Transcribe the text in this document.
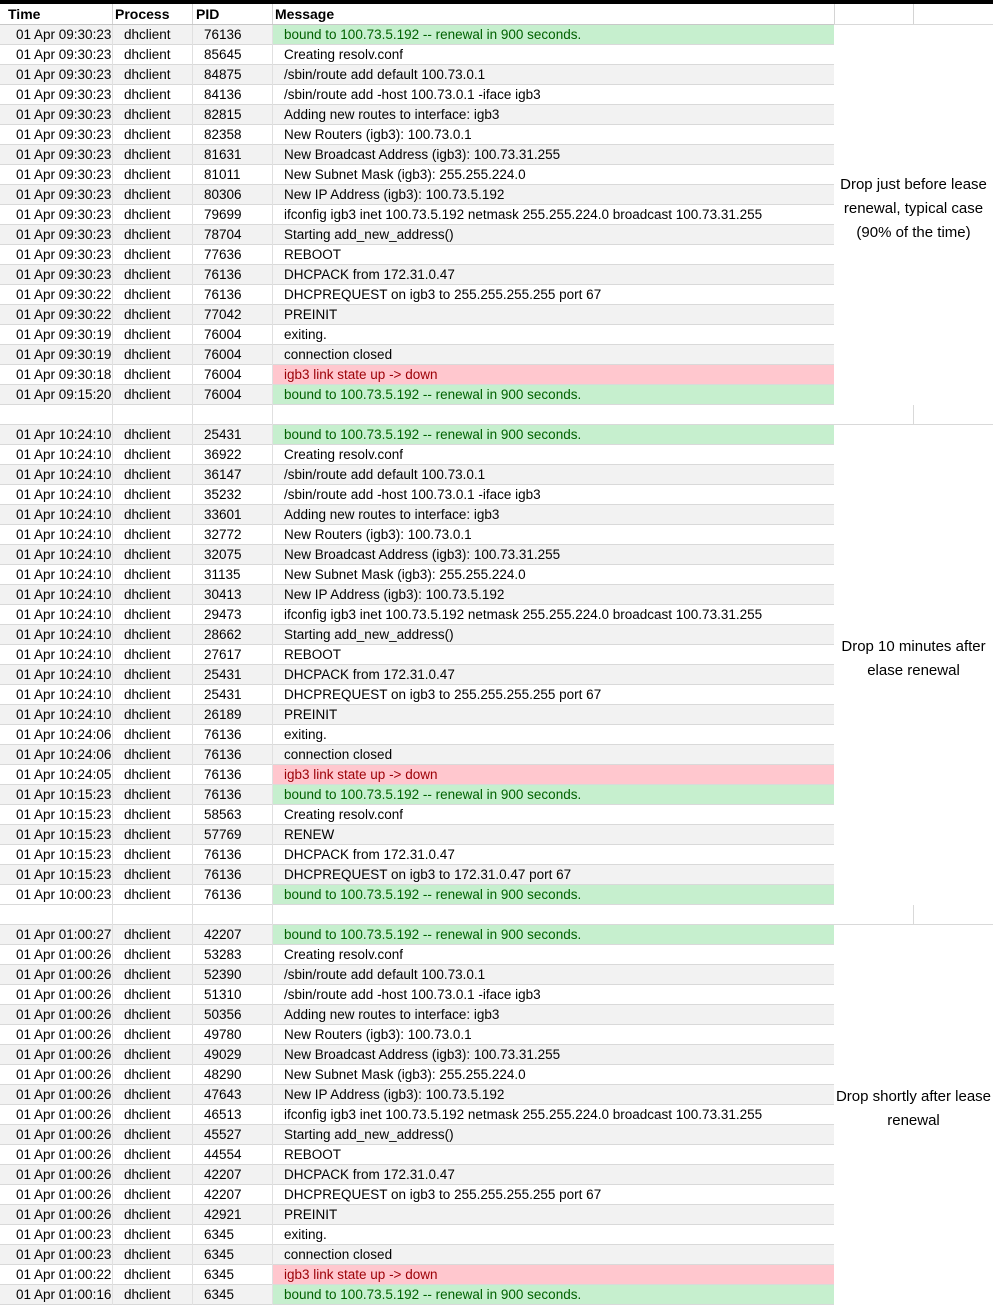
Time	Process PID	Message
01 Apr 09:30:23 dhclient	76136	bound to 100.73.5.192 -- renewal in 900 seconds.
01 Apr 09:30:23 dhclient	85645	Creating resolv.conf
01 Apr 09:30:23 dhclient	84875	/sbin/route add default 100.73.0.1
01 Apr 09:30:23 dhclient	84136	/sbin/route add -host 100.73.0.1 -iface igb3
01 Apr 09:30:23 dhclient	82815	Adding new routes to interface: igb3
01 Apr 09:30:23 dhclient	82358	New Routers (igb3): 100.73.0.1
01 Apr 09:30:23 dhclient	81631	New Broadcast Address (igb3): 100.73.31.255
01 Apr 09:30:23 dhclient	81011	New Subnet Mask (igb3): 255.255.224.0
01 Apr 09:30:23 dhclient	80306	New IP Address (igb3): 100.73.5.192
01 Apr 09:30:23 dhclient	79699	ifconfig igb3 inet 100.73.5.192 netmask 255.255.224.0 broadcast 100.73.31.255
01 Apr 09:30:23 dhclient	78704	Starting add_new_address()
01 Apr 09:30:23 dhclient	77636	REBOOT
01 Apr 09:30:23 dhclient	76136	DHCPACK from 172.31.0.47
01 Apr 09:30:22 dhclient	76136	DHCPREQUEST on igb3 to 255.255.255.255 port 67
01 Apr 09:30:22 dhclient	77042	PREINIT
01 Apr 09:30:19 dhclient	76004	exiting.
01 Apr 09:30:19 dhclient	76004	connection closed
01 Apr 09:30:18 dhclient	76004	igb3 link state up -> down
01 Apr 09:15:20 dhclient	76004	bound to 100.73.5.192 -- renewal in 900 seconds.
01 Apr 10:24:10 dhclient	25431	bound to 100.73.5.192 -- renewal in 900 seconds.
01 Apr 10:24:10 dhclient	36922	Creating resolv.conf
01 Apr 10:24:10 dhclient	36147	/sbin/route add default 100.73.0.1
01 Apr 10:24:10 dhclient	35232	/sbin/route add -host 100.73.0.1 -iface igb3
01 Apr 10:24:10 dhclient	33601	Adding new routes to interface: igb3
01 Apr 10:24:10 dhclient	32772	New Routers (igb3): 100.73.0.1
01 Apr 10:24:10 dhclient	32075	New Broadcast Address (igb3): 100.73.31.255
01 Apr 10:24:10 dhclient	31135	New Subnet Mask (igb3): 255.255.224.0
01 Apr 10:24:10 dhclient	30413	New IP Address (igb3): 100.73.5.192
01 Apr 10:24:10 dhclient	29473	ifconfig igb3 inet 100.73.5.192 netmask 255.255.224.0 broadcast 100.73.31.255
01 Apr 10:24:10 dhclient	28662	Starting add_new_address()
01 Apr 10:24:10 dhclient	27617	REBOOT
01 Apr 10:24:10 dhclient	25431	DHCPACK from 172.31.0.47
01 Apr 10:24:10 dhclient	25431	DHCPREQUEST on igb3 to 255.255.255.255 port 67
01 Apr 10:24:10 dhclient	26189	PREINIT
01 Apr 10:24:06 dhclient	76136	exiting.
01 Apr 10:24:06 dhclient	76136	connection closed
01 Apr 10:24:05 dhclient	76136	igb3 link state up -> down
01 Apr 10:15:23 dhclient	76136	bound to 100.73.5.192 -- renewal in 900 seconds.
01 Apr 10:15:23 dhclient	58563	Creating resolv.conf
01 Apr 10:15:23 dhclient	57769	RENEW
01 Apr 10:15:23 dhclient	76136	DHCPACK from 172.31.0.47
01 Apr 10:15:23 dhclient	76136	DHCPREQUEST on igb3 to 172.31.0.47 port 67
01 Apr 10:00:23 dhclient	76136	bound to 100.73.5.192 -- renewal in 900 seconds.
01 Apr 01:00:27 dhclient	42207	bound to 100.73.5.192 -- renewal in 900 seconds.
01 Apr 01:00:26 dhclient	53283	Creating resolv.conf
01 Apr 01:00:26 dhclient	52390	/sbin/route add default 100.73.0.1
01 Apr 01:00:26 dhclient	51310	/sbin/route add -host 100.73.0.1 -iface igb3
01 Apr 01:00:26 dhclient	50356	Adding new routes to interface: igb3
01 Apr 01:00:26 dhclient	49780	New Routers (igb3): 100.73.0.1
01 Apr 01:00:26 dhclient	49029	New Broadcast Address (igb3): 100.73.31.255
01 Apr 01:00:26 dhclient	48290	New Subnet Mask (igb3): 255.255.224.0
01 Apr 01:00:26 dhclient	47643	New IP Address (igb3): 100.73.5.192
01 Apr 01:00:26 dhclient	46513	ifconfig igb3 inet 100.73.5.192 netmask 255.255.224.0 broadcast 100.73.31.255
01 Apr 01:00:26 dhclient	45527	Starting add_new_address()
01 Apr 01:00:26 dhclient	44554	REBOOT
01 Apr 01:00:26 dhclient	42207	DHCPACK from 172.31.0.47
01 Apr 01:00:26 dhclient	42207	DHCPREQUEST on igb3 to 255.255.255.255 port 67
01 Apr 01:00:26 dhclient	42921	PREINIT
01 Apr 01:00:23 dhclient	6345	exiting.
01 Apr 01:00:23 dhclient	6345	connection closed
01 Apr 01:00:22 dhclient	6345	igb3 link state up -> down
01 Apr 01:00:16 dhclient	6345	bound to 100.73.5.192 -- renewal in 900 seconds.
Drop just before lease renewal, typical case (90% of the time)
Drop 10 minutes after elase renewal
Drop shortly after lease renewal
